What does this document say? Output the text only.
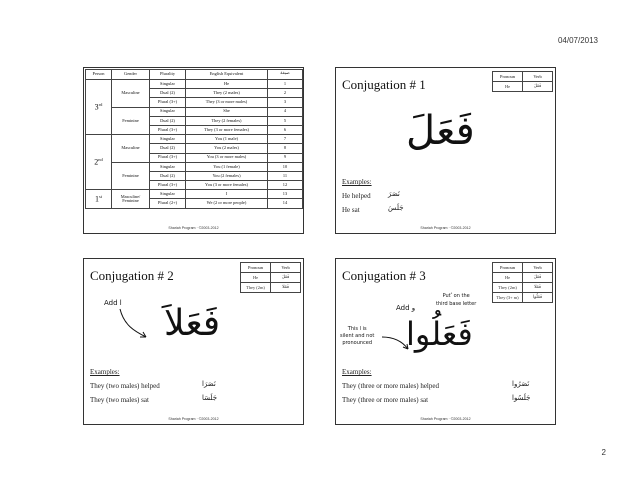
04/07/2013
Person	Gender	Plurality	English Equivalent	صيغة
3rd	Masculine	Singular	He	1
		Dual (2)	They (2 males)	2
		Plural (3+)	They (3 or more males)	3
	Feminine	Singular	She	4
		Dual (2)	They (2 females)	5
		Plural (3+)	They (3 or more females)	6
2nd	Masculine	Singular	You (1 male)	7
		Dual (2)	You (2 males)	8
		Plural (3+)	You (3 or more males)	9
	Feminine	Singular	You (1 female)	10
		Dual (2)	You (2 females)	11
		Plural (3+)	You (3 or more females)	12
1st	Masculine/ Feminine	Singular	I	13
		Plural (2+)	We (2 or more people)	14
Shariah Program · ©2003-2012
Conjugation # 1
Pronoun	Verb
He	فَعَلَ
فَعَلَ
Examples:
He helped نَصَرَ
He sat	جَلَسَ
Shariah Program · ©2003-2012
Conjugation # 2
Pronoun	Verb
He	فَعَلَ
They (2m)	فَعَلا
Add ا فَعَلاَ
Examples:
They (two males) helped	نَصَرَا
They (two males) sat	جَلَسَا
Shariah Program · ©2003-2012
Conjugation # 3
Pronoun	Verb
He	فَعَلَ
They (2m)	فَعَلا
They (3+ m)	فَعَلُوا
Put ُ on the
third base letter
Add و
This ا is
silent and not
pronounced فَعَلُوا
Examples:
They (three or more males) helped	نَصَرُوا
They (three or more males) sat	جَلَسُوا
Shariah Program · ©2003-2012
2
